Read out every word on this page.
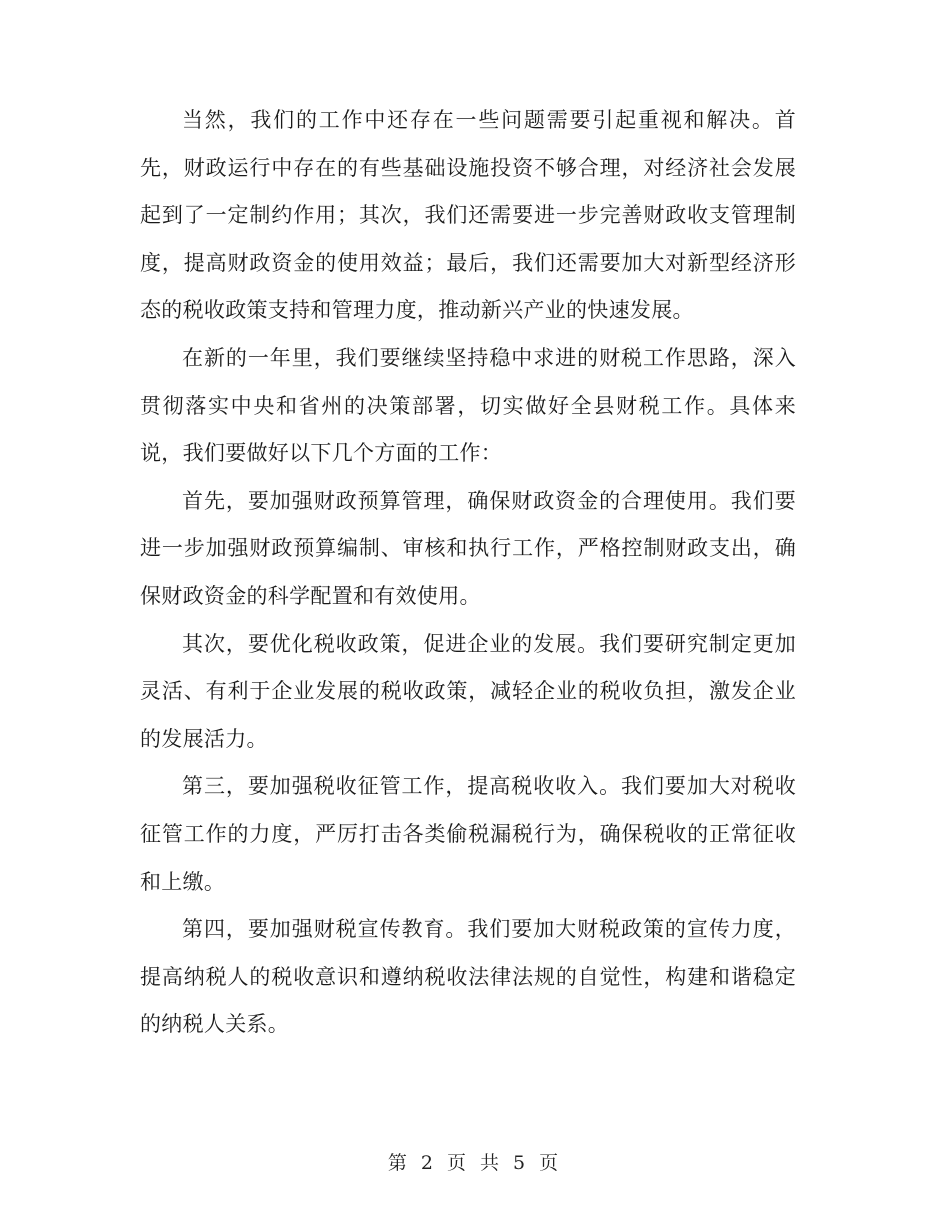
当然，我们的工作中还存在一些问题需要引起重视和解决。首先，财政运行中存在的有些基础设施投资不够合理，对经济社会发展起到了一定制约作用；其次，我们还需要进一步完善财政收支管理制度，提高财政资金的使用效益；最后，我们还需要加大对新型经济形态的税收政策支持和管理力度，推动新兴产业的快速发展。

在新的一年里，我们要继续坚持稳中求进的财税工作思路，深入贯彻落实中央和省州的决策部署，切实做好全县财税工作。具体来说，我们要做好以下几个方面的工作：

首先，要加强财政预算管理，确保财政资金的合理使用。我们要进一步加强财政预算编制、审核和执行工作，严格控制财政支出，确保财政资金的科学配置和有效使用。

其次，要优化税收政策，促进企业的发展。我们要研究制定更加灵活、有利于企业发展的税收政策，减轻企业的税收负担，激发企业的发展活力。

第三，要加强税收征管工作，提高税收收入。我们要加大对税收征管工作的力度，严厉打击各类偷税漏税行为，确保税收的正常征收和上缴。

第四，要加强财税宣传教育。我们要加大财税政策的宣传力度，提高纳税人的税收意识和遵纳税收法律法规的自觉性，构建和谐稳定的纳税人关系。

第 2 页 共 5 页
